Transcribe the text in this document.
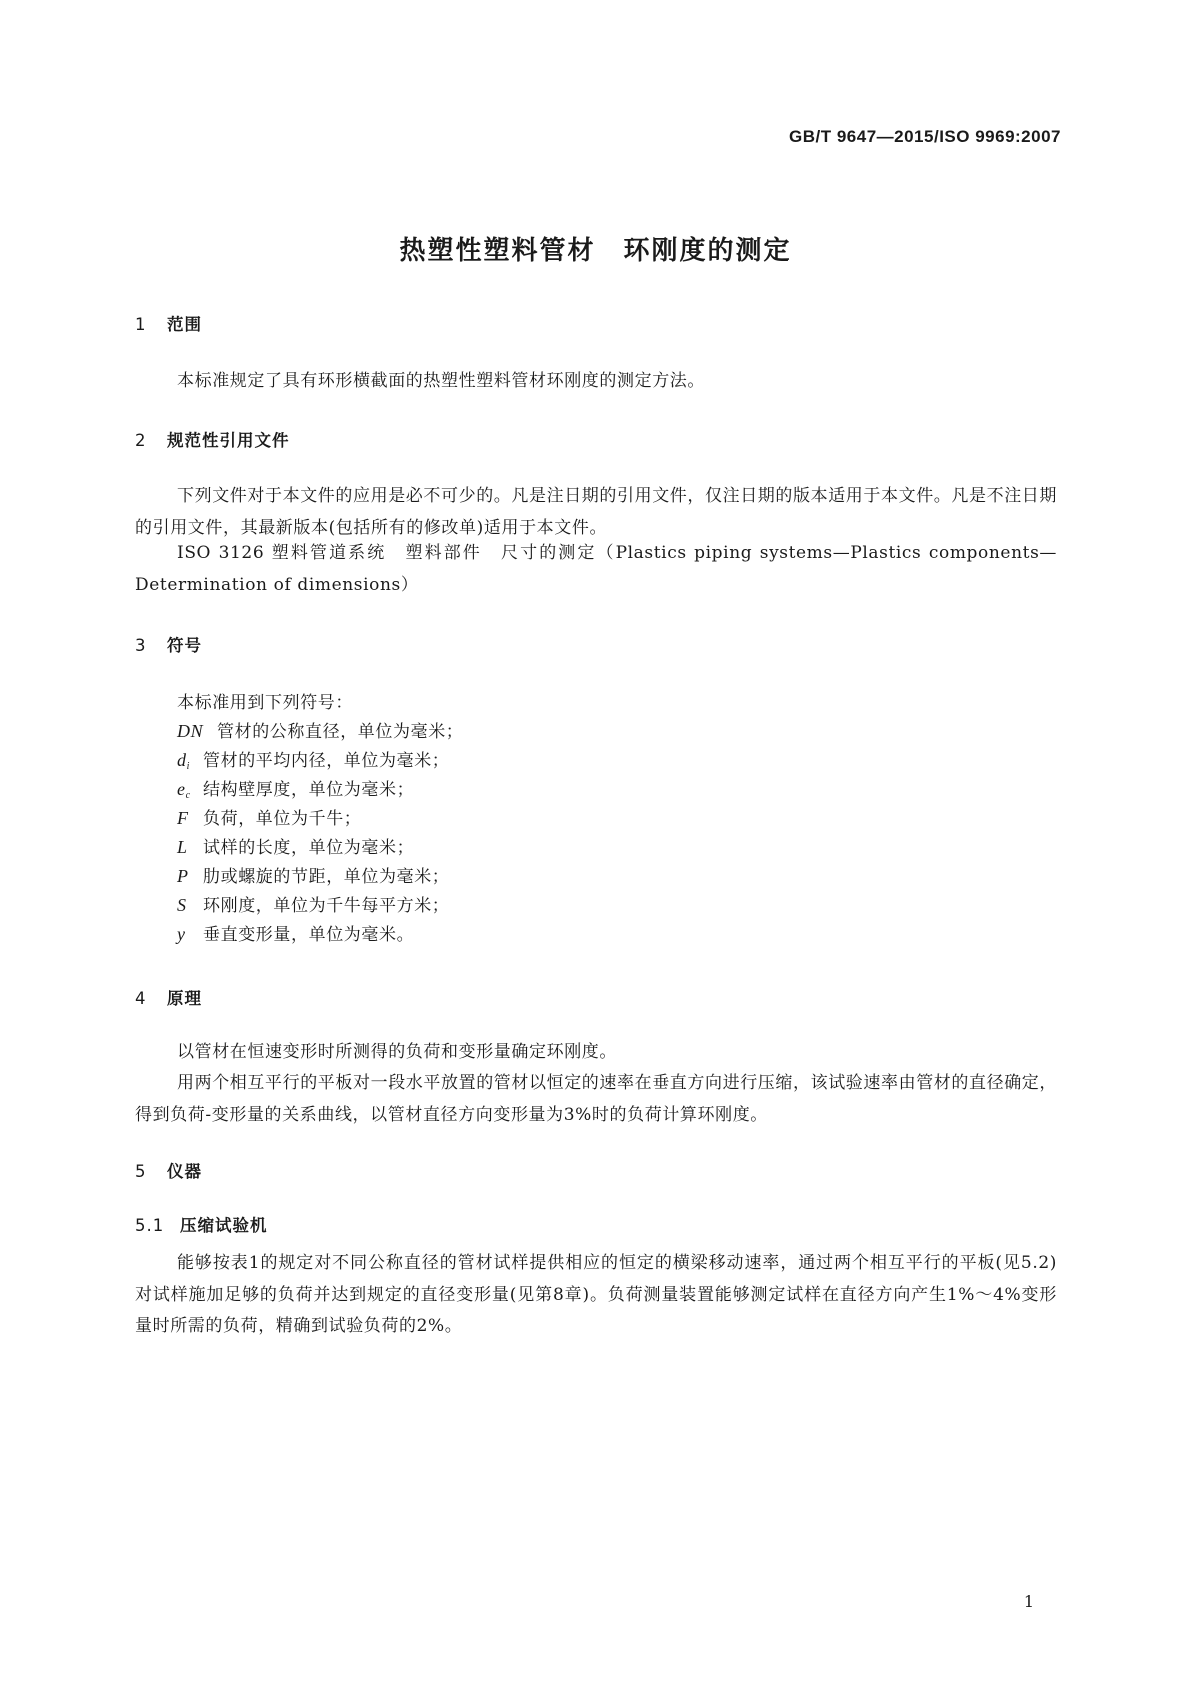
GB/T 9647—2015/ISO 9969:2007
热塑性塑料管材　环刚度的测定
1 范围
本标准规定了具有环形横截面的热塑性塑料管材环刚度的测定方法。
2 规范性引用文件
下列文件对于本文件的应用是必不可少的。凡是注日期的引用文件，仅注日期的版本适用于本文件。凡是不注日期的引用文件，其最新版本(包括所有的修改单)适用于本文件。
ISO 3126 塑料管道系统　塑料部件　尺寸的测定（Plastics piping systems—Plastics components—Determination of dimensions）
3 符号
本标准用到下列符号：
DN 管材的公称直径，单位为毫米；
$d_i$ 管材的平均内径，单位为毫米；
$e_c$ 结构壁厚度，单位为毫米；
F 负荷，单位为千牛；
L 试样的长度，单位为毫米；
P 肋或螺旋的节距，单位为毫米；
S 环刚度，单位为千牛每平方米；
y 垂直变形量，单位为毫米。
4 原理
以管材在恒速变形时所测得的负荷和变形量确定环刚度。
用两个相互平行的平板对一段水平放置的管材以恒定的速率在垂直方向进行压缩，该试验速率由管材的直径确定，得到负荷-变形量的关系曲线，以管材直径方向变形量为3%时的负荷计算环刚度。
5 仪器
5.1 压缩试验机
能够按表1的规定对不同公称直径的管材试样提供相应的恒定的横梁移动速率，通过两个相互平行的平板(见5.2)对试样施加足够的负荷并达到规定的直径变形量(见第8章)。负荷测量装置能够测定试样在直径方向产生1%～4%变形量时所需的负荷，精确到试验负荷的2%。
1
